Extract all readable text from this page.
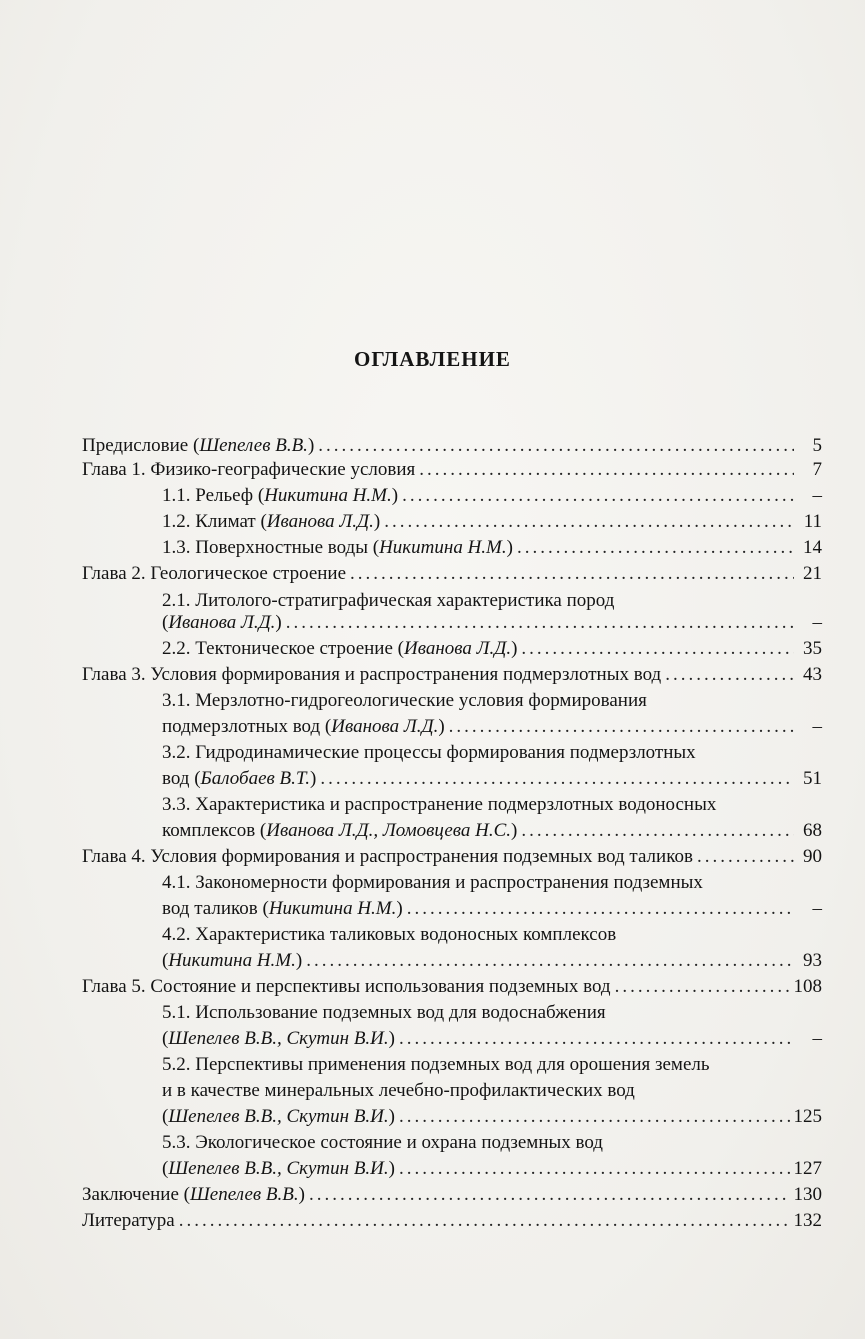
ОГЛАВЛЕНИЕ
Предисловие (Шепелев В.В.) .....	5
Глава 1. Физико-географические условия .....	7
1.1. Рельеф (Никитина Н.М.) .....	–
1.2. Климат (Иванова Л.Д.) .....	11
1.3. Поверхностные воды (Никитина Н.М.) .....	14
Глава 2. Геологическое строение .....	21
2.1. Литолого-стратиграфическая характеристика пород
(Иванова Л.Д.) .....	–
2.2. Тектоническое строение (Иванова Л.Д.) .....	35
Глава 3. Условия формирования и распространения подмерзлотных вод .....	43
3.1. Мерзлотно-гидрогеологические условия формирования
подмерзлотных вод (Иванова Л.Д.) .....	–
3.2. Гидродинамические процессы формирования подмерзлотных
вод (Балобаев В.Т.) .....	51
3.3. Характеристика и распространение подмерзлотных водоносных
комплексов (Иванова Л.Д., Ломовцева Н.С.) .....	68
Глава 4. Условия формирования и распространения подземных вод таликов .....	90
4.1. Закономерности формирования и распространения подземных
вод таликов (Никитина Н.М.) .....	–
4.2. Характеристика таликовых водоносных комплексов
(Никитина Н.М.) .....	93
Глава 5. Состояние и перспективы использования подземных вод .....	108
5.1. Использование подземных вод для водоснабжения
(Шепелев В.В., Скутин В.И.) .....	–
5.2. Перспективы применения подземных вод для орошения земель
и в качестве минеральных лечебно-профилактических вод
(Шепелев В.В., Скутин В.И.) .....	125
5.3. Экологическое состояние и охрана подземных вод
(Шепелев В.В., Скутин В.И.) .....	127
Заключение (Шепелев В.В.) .....	130
Литература .....	132
